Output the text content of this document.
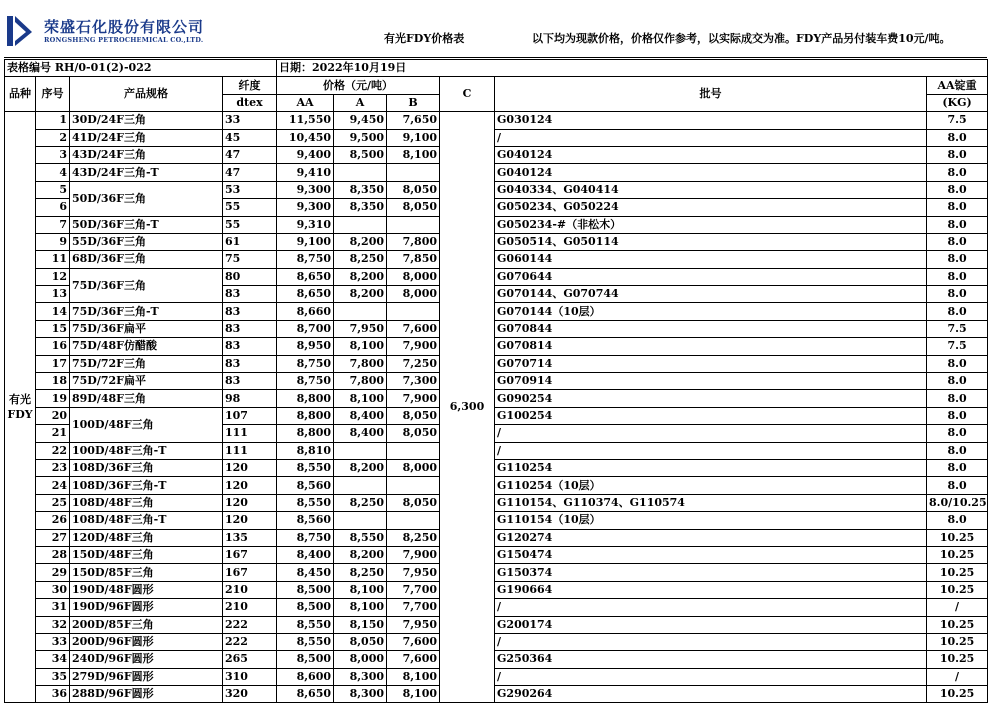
荣盛石化股份有限公司
RONGSHENG PETROCHEMICAL CO.,LTD.	有光FDY价格表	以下均为现款价格，价格仅作参考，以实际成交为准。FDY产品另付装车费10元/吨。
表格编号 RH/0-01(2)-022				日期：2022年10月19日					
品种	序号	产品规格	纤度	价格（元/吨）			C	批号	AA锭重
			dtex	AA	A	B			(KG)
有光FDY	1	30D/24F三角	33	11,550	9,450	7,650	6,300	G030124	7.5
	2	41D/24F三角	45	10,450	9,500	9,100		/	8.0
	3	43D/24F三角	47	9,400	8,500	8,100		G040124	8.0
	4	43D/24F三角-T	47	9,410				G040124	8.0
	5	50D/36F三角	53	9,300	8,350	8,050		G040334、G040414	8.0
	6		55	9,300	8,350	8,050		G050234、G050224	8.0
	7	50D/36F三角-T	55	9,310				G050234-#（非松木）	8.0
	9	55D/36F三角	61	9,100	8,200	7,800		G050514、G050114	8.0
	11	68D/36F三角	75	8,750	8,250	7,850		G060144	8.0
	12	75D/36F三角	80	8,650	8,200	8,000		G070644	8.0
	13		83	8,650	8,200	8,000		G070144、G070744	8.0
	14	75D/36F三角-T	83	8,660				G070144（10层）	8.0
	15	75D/36F扁平	83	8,700	7,950	7,600		G070844	7.5
	16	75D/48F仿醋酸	83	8,950	8,100	7,900		G070814	7.5
	17	75D/72F三角	83	8,750	7,800	7,250		G070714	8.0
	18	75D/72F扁平	83	8,750	7,800	7,300		G070914	8.0
	19	89D/48F三角	98	8,800	8,100	7,900		G090254	8.0
	20	100D/48F三角	107	8,800	8,400	8,050		G100254	8.0
	21		111	8,800	8,400	8,050		/	8.0
	22	100D/48F三角-T	111	8,810				/	8.0
	23	108D/36F三角	120	8,550	8,200	8,000		G110254	8.0
	24	108D/36F三角-T	120	8,560				G110254（10层）	8.0
	25	108D/48F三角	120	8,550	8,250	8,050		G110154、G110374、G110574	8.0/10.25
	26	108D/48F三角-T	120	8,560				G110154（10层）	8.0
	27	120D/48F三角	135	8,750	8,550	8,250		G120274	10.25
	28	150D/48F三角	167	8,400	8,200	7,900		G150474	10.25
	29	150D/85F三角	167	8,450	8,250	7,950		G150374	10.25
	30	190D/48F圆形	210	8,500	8,100	7,700		G190664	10.25
	31	190D/96F圆形	210	8,500	8,100	7,700		/	/
	32	200D/85F三角	222	8,550	8,150	7,950		G200174	10.25
	33	200D/96F圆形	222	8,550	8,050	7,600		/	10.25
	34	240D/96F圆形	265	8,500	8,000	7,600		G250364	10.25
	35	279D/96F圆形	310	8,600	8,300	8,100		/	/
	36	288D/96F圆形	320	8,650	8,300	8,100		G290264	10.25
